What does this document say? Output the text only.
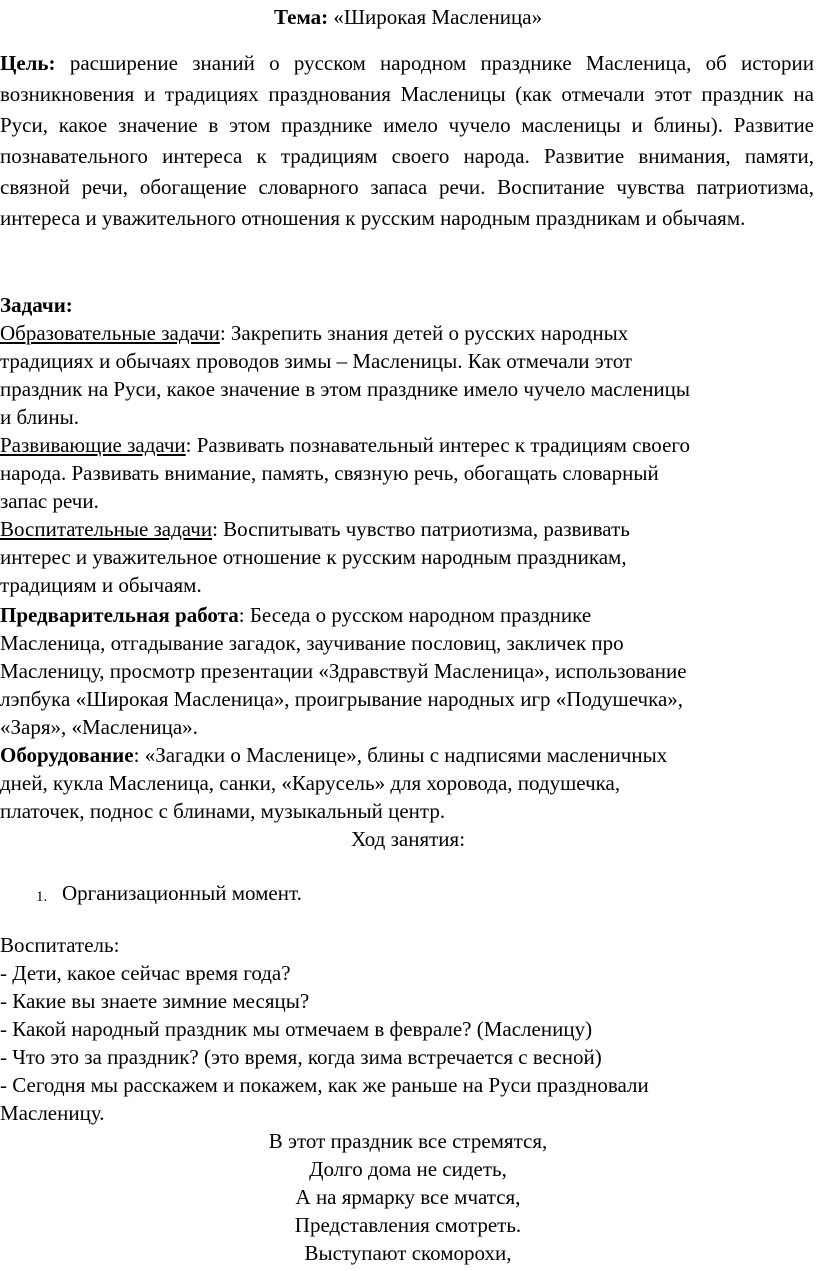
Тема: «Широкая Масленица»
Цель: расширение знаний о русском народном празднике Масленица, об истории возникновения и традициях празднования Масленицы (как отмечали этот праздник на Руси, какое значение в этом празднике имело чучело масленицы и блины). Развитие познавательного интереса к традициям своего народа. Развитие внимания, памяти, связной речи, обогащение словарного запаса речи. Воспитание чувства патриотизма, интереса и уважительного отношения к русским народным праздникам и обычаям.
Задачи:
Образовательные задачи: Закрепить знания детей о русских народных
традициях и обычаях проводов зимы – Масленицы. Как отмечали этот
праздник на Руси, какое значение в этом празднике имело чучело масленицы
и блины.
Развивающие задачи: Развивать познавательный интерес к традициям своего
народа. Развивать внимание, память, связную речь, обогащать словарный
запас речи.
Воспитательные задачи: Воспитывать чувство патриотизма, развивать
интерес и уважительное отношение к русским народным праздникам,
традициям и обычаям.
Предварительная работа: Беседа о русском народном празднике
Масленица, отгадывание загадок, заучивание пословиц, закличек про
Масленицу, просмотр презентации «Здравствуй Масленица», использование
лэпбука «Широкая Масленица», проигрывание народных игр «Подушечка»,
«Заря», «Масленица».
Оборудование: «Загадки о Масленице», блины с надписями масленичных
дней, кукла Масленица, санки, «Карусель» для хоровода, подушечка,
платочек, поднос с блинами, музыкальный центр.
Ход занятия:
1. Организационный момент.
Воспитатель:
- Дети, какое сейчас время года?
- Какие вы знаете зимние месяцы?
- Какой народный праздник мы отмечаем в феврале? (Масленицу)
- Что это за праздник? (это время, когда зима встречается с весной)
- Сегодня мы расскажем и покажем, как же раньше на Руси праздновали
Масленицу.
В этот праздник все стремятся,
Долго дома не сидеть,
А на ярмарку все мчатся,
Представления смотреть.
Выступают скоморохи,
